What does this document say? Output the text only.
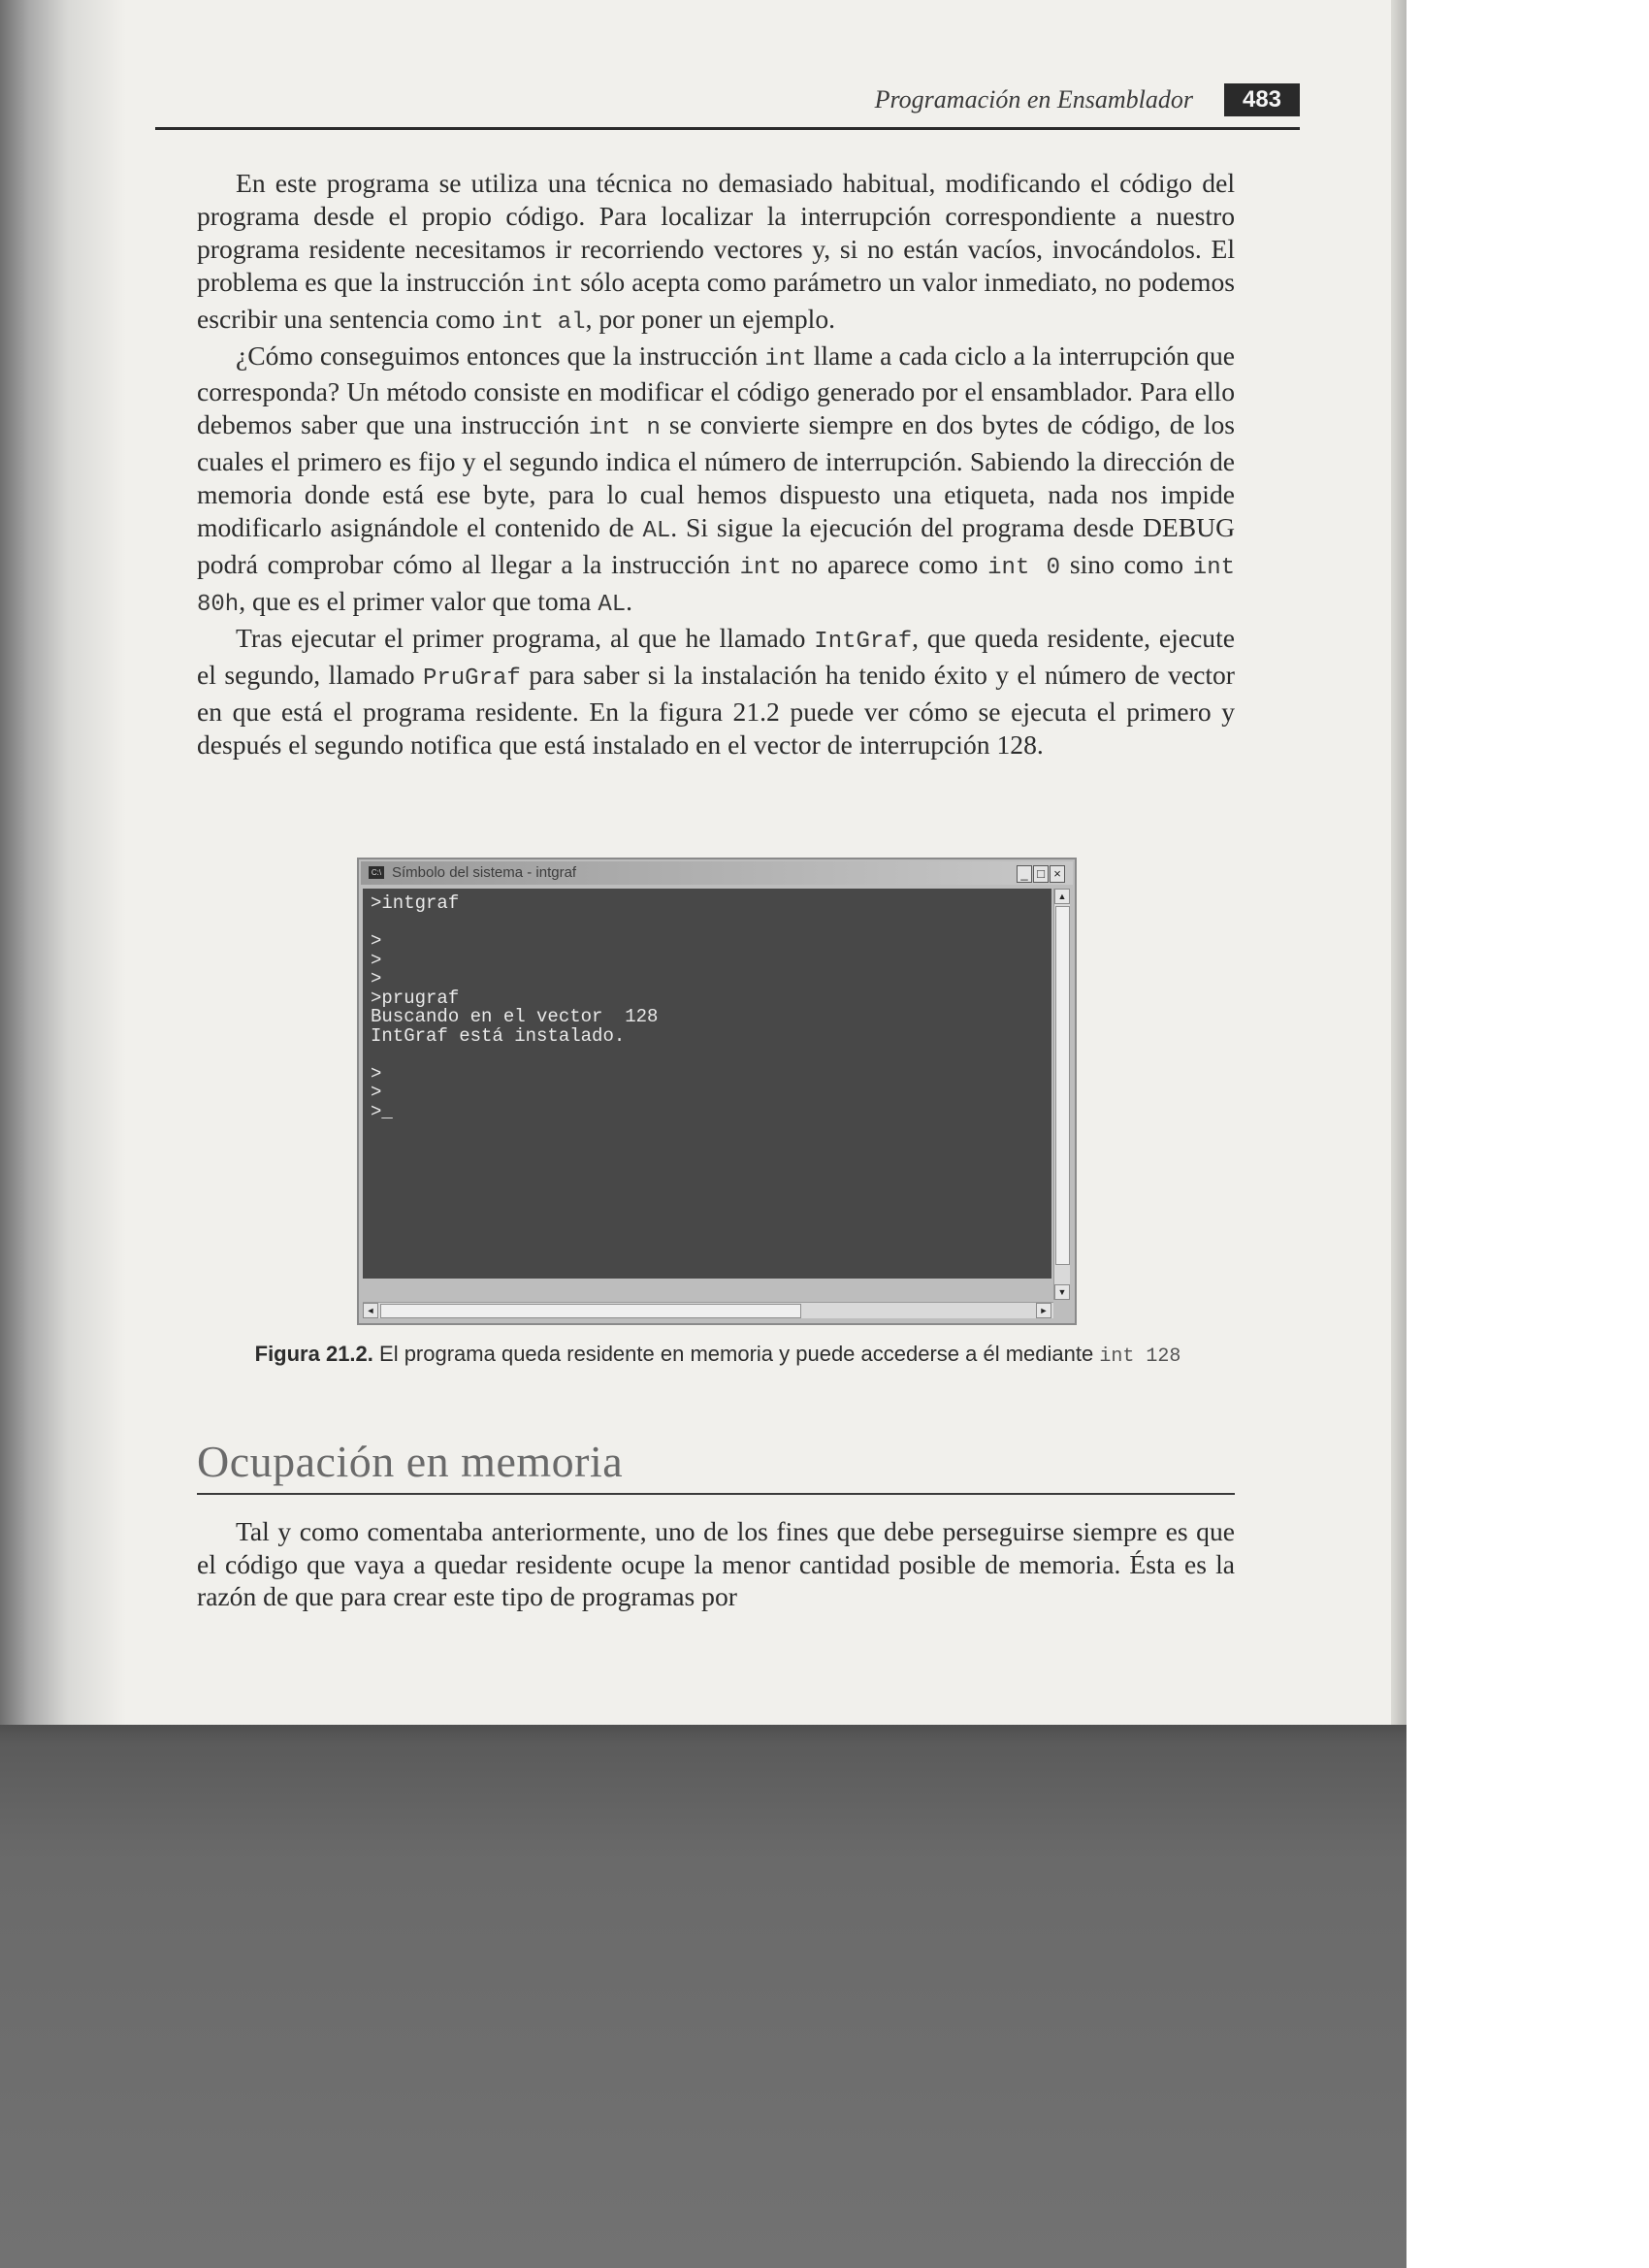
Programación en Ensamblador	483

En este programa se utiliza una técnica no demasiado habitual, modificando el código del programa desde el propio código. Para localizar la interrupción correspondiente a nuestro programa residente necesitamos ir recorriendo vectores y, si no están vacíos, invocándolos. El problema es que la instrucción int sólo acepta como parámetro un valor inmediato, no podemos escribir una sentencia como int al, por poner un ejemplo.

¿Cómo conseguimos entonces que la instrucción int llame a cada ciclo a la interrupción que corresponda? Un método consiste en modificar el código generado por el ensamblador. Para ello debemos saber que una instrucción int n se convierte siempre en dos bytes de código, de los cuales el primero es fijo y el segundo indica el número de interrupción. Sabiendo la dirección de memoria donde está ese byte, para lo cual hemos dispuesto una etiqueta, nada nos impide modificarlo asignándole el contenido de AL. Si sigue la ejecución del programa desde DEBUG podrá comprobar cómo al llegar a la instrucción int no aparece como int 0 sino como int 80h, que es el primer valor que toma AL.

Tras ejecutar el primer programa, al que he llamado IntGraf, que queda residente, ejecute el segundo, llamado PruGraf para saber si la instalación ha tenido éxito y el número de vector en que está el programa residente. En la figura 21.2 puede ver cómo se ejecuta el primero y después el segundo notifica que está instalado en el vector de interrupción 128.

C:\ Símbolo del sistema - intgraf	_ □ ×
>intgraf

>
>
>
>prugraf
Buscando en el vector  128
IntGraf está instalado.

>
>
>_
▲
▼
◄	►
Figura 21.2. El programa queda residente en memoria y puede accederse a él mediante int 128
Ocupación en memoria

Tal y como comentaba anteriormente, uno de los fines que debe perseguirse siempre es que el código que vaya a quedar residente ocupe la menor cantidad posible de memoria. Ésta es la razón de que para crear este tipo de programas por
